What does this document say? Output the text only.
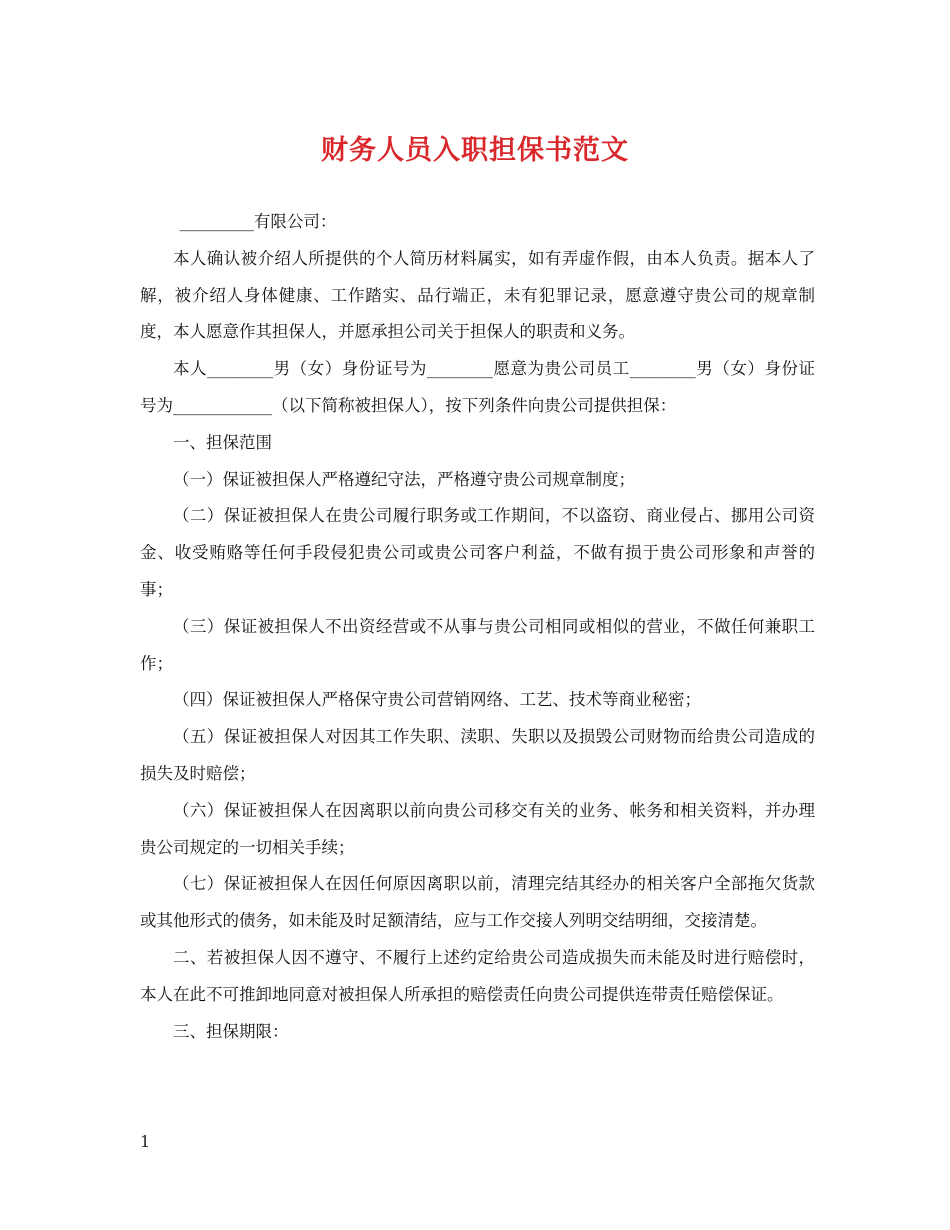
财务人员入职担保书范文

_________有限公司：

本人确认被介绍人所提供的个人简历材料属实，如有弄虚作假，由本人负责。据本人了解，被介绍人身体健康、工作踏实、品行端正，未有犯罪记录，愿意遵守贵公司的规章制度，本人愿意作其担保人，并愿承担公司关于担保人的职责和义务。

本人________男（女）身份证号为________愿意为贵公司员工________男（女）身份证号为____________（以下简称被担保人），按下列条件向贵公司提供担保：

一、担保范围

（一）保证被担保人严格遵纪守法，严格遵守贵公司规章制度；

（二）保证被担保人在贵公司履行职务或工作期间，不以盗窃、商业侵占、挪用公司资金、收受贿赂等任何手段侵犯贵公司或贵公司客户利益，不做有损于贵公司形象和声誉的事；

（三）保证被担保人不出资经营或不从事与贵公司相同或相似的营业，不做任何兼职工作；

（四）保证被担保人严格保守贵公司营销网络、工艺、技术等商业秘密；

（五）保证被担保人对因其工作失职、渎职、失职以及损毁公司财物而给贵公司造成的损失及时赔偿；

（六）保证被担保人在因离职以前向贵公司移交有关的业务、帐务和相关资料，并办理贵公司规定的一切相关手续；

（七）保证被担保人在因任何原因离职以前，清理完结其经办的相关客户全部拖欠货款或其他形式的债务，如未能及时足额清结，应与工作交接人列明交结明细，交接清楚。

二、若被担保人因不遵守、不履行上述约定给贵公司造成损失而未能及时进行赔偿时，本人在此不可推卸地同意对被担保人所承担的赔偿责任向贵公司提供连带责任赔偿保证。

三、担保期限：

1
